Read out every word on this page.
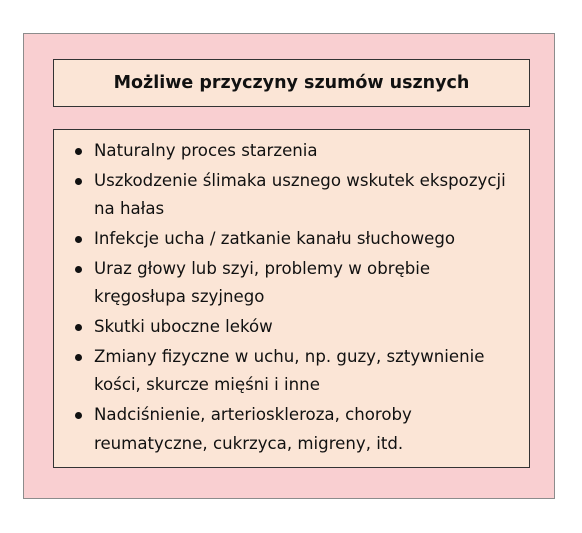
Możliwe przyczyny szumów usznych
Naturalny proces starzenia
Uszkodzenie ślimaka usznego wskutek ekspozycji na hałas
Infekcje ucha / zatkanie kanału słuchowego
Uraz głowy lub szyi, problemy w obrębie kręgosłupa szyjnego
Skutki uboczne leków
Zmiany fizyczne w uchu, np. guzy, sztywnienie kości, skurcze mięśni i inne
Nadciśnienie, arterioskleroza, choroby reumatyczne, cukrzyca, migreny, itd.
